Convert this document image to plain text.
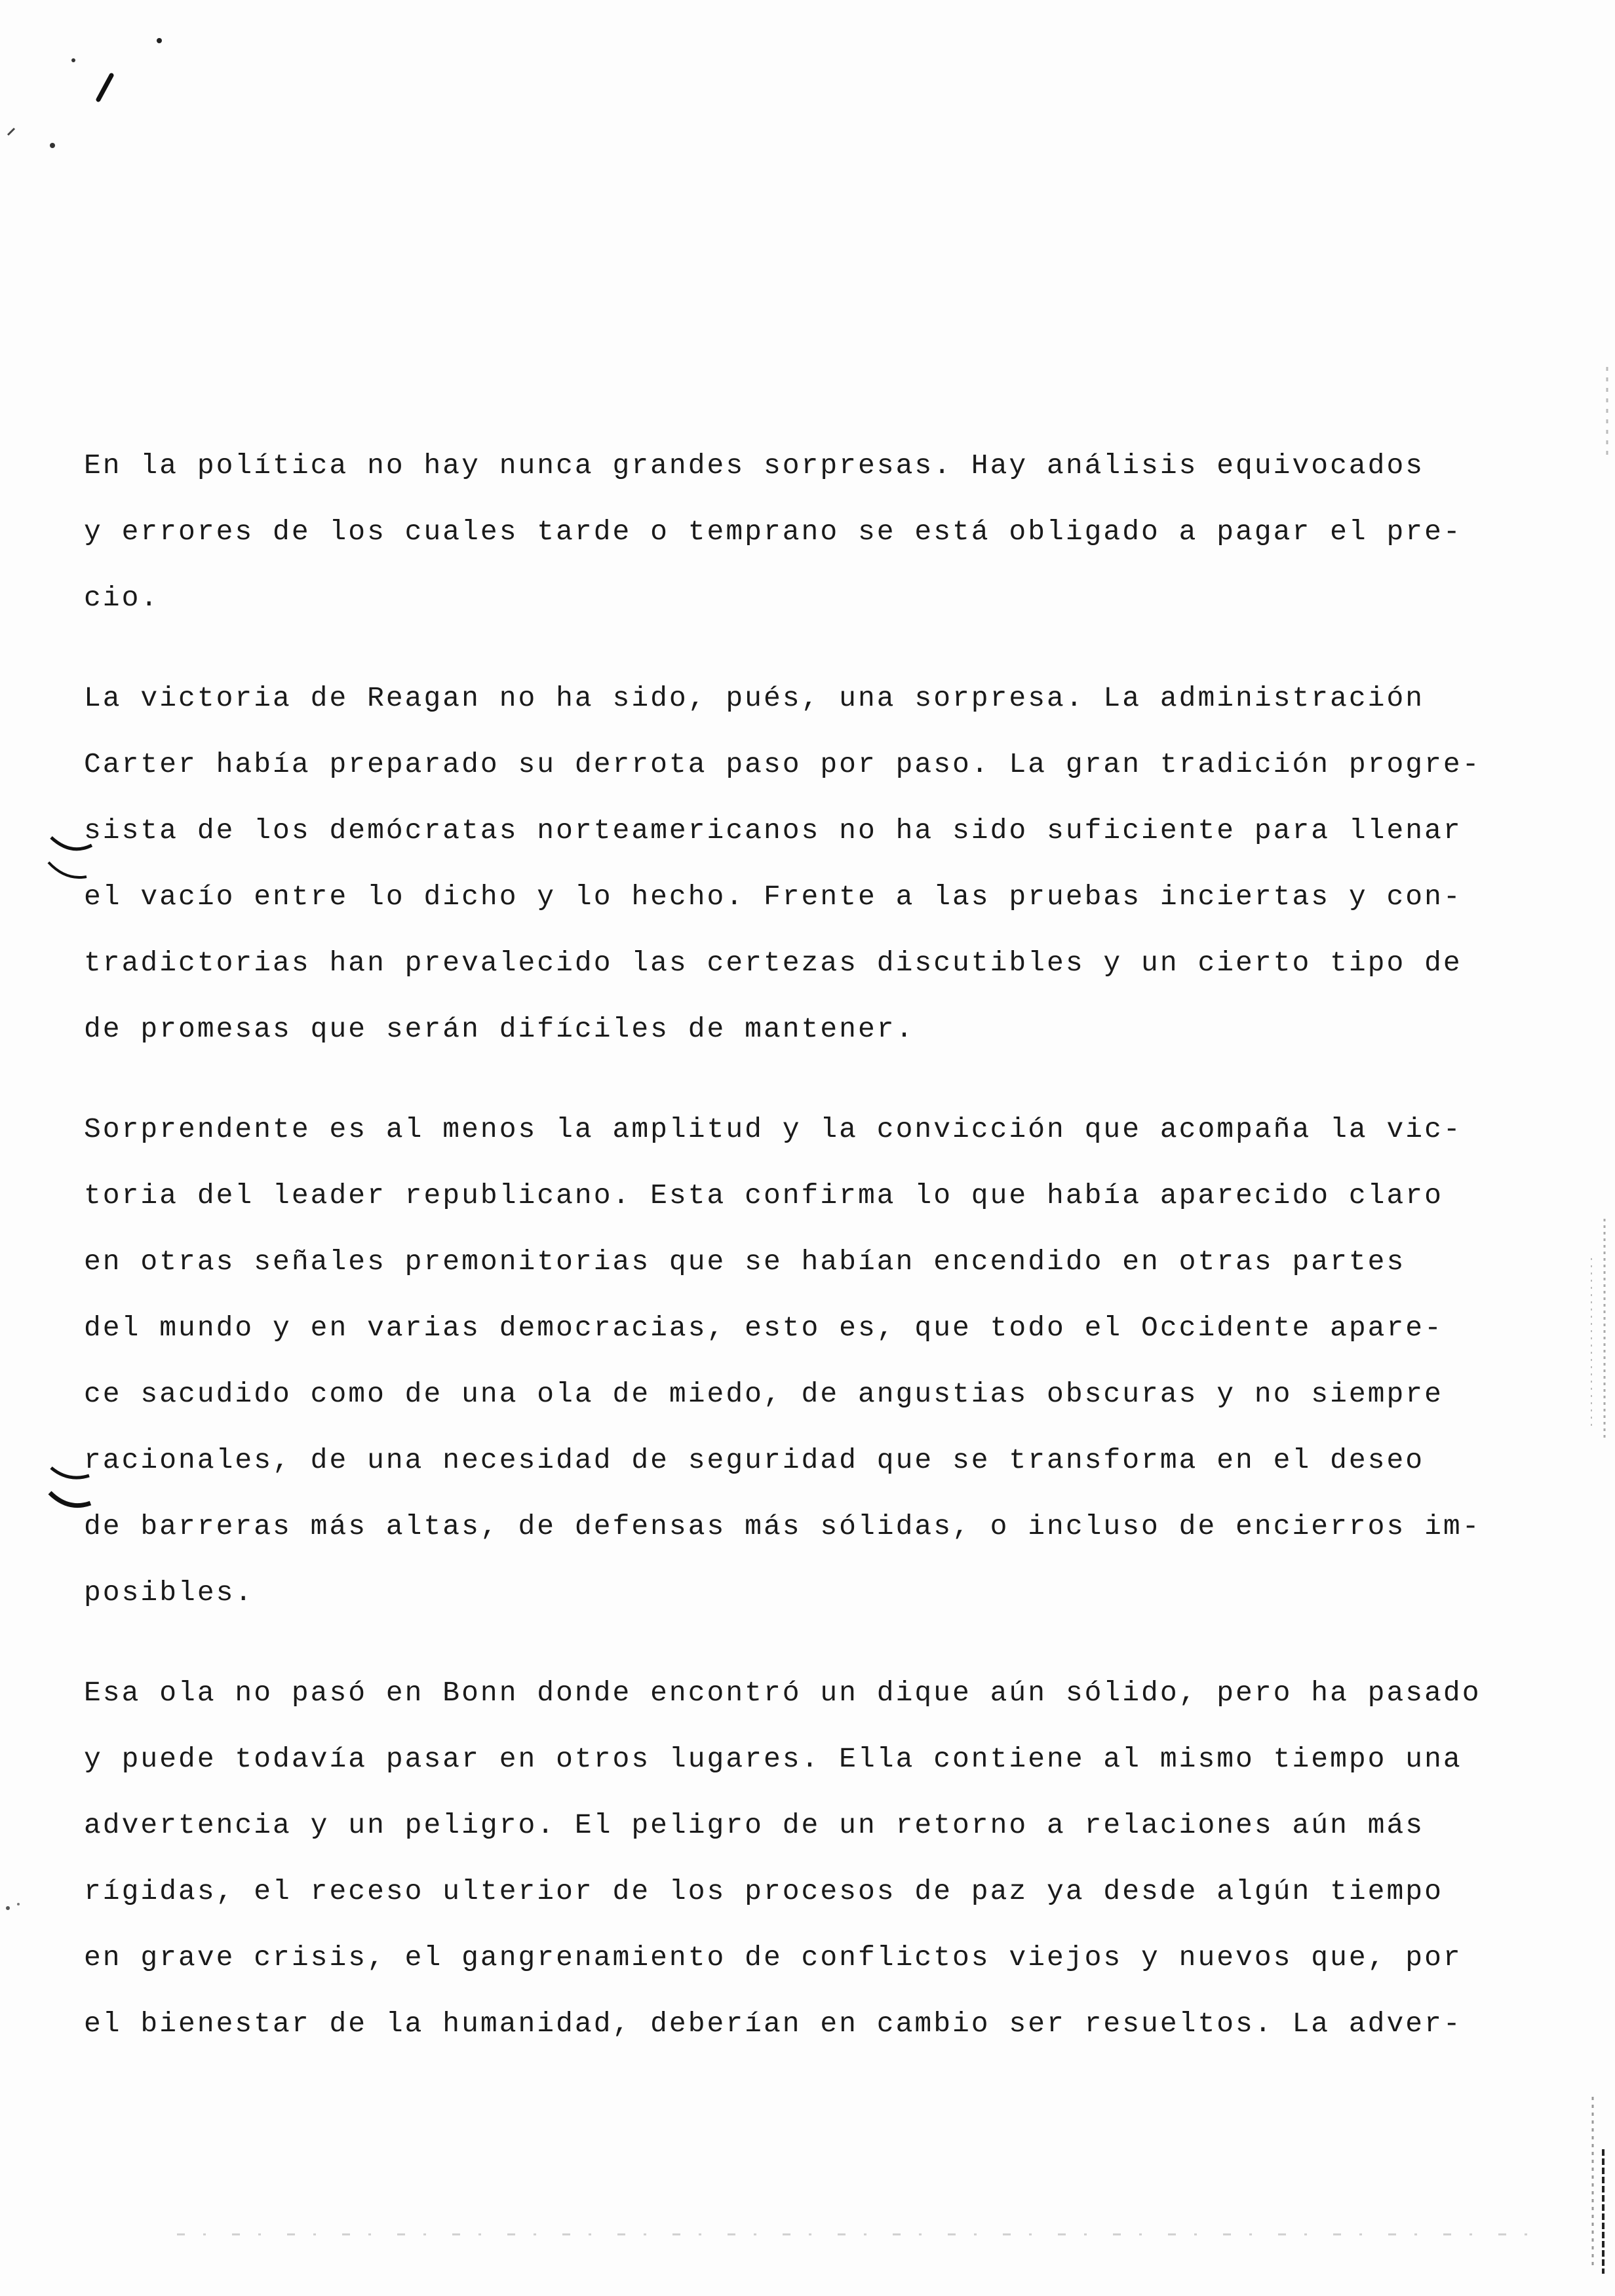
En la política no hay nunca grandes sorpresas. Hay análisis equivocados
y errores de los cuales tarde o temprano se está obligado a pagar el pre-
cio.
La victoria de Reagan no ha sido, pués, una sorpresa. La administración
Carter había preparado su derrota paso por paso. La gran tradición progre-
sista de los demócratas norteamericanos no ha sido suficiente para llenar
el vacío entre lo dicho y lo hecho. Frente a las pruebas inciertas y con-
tradictorias han prevalecido las certezas discutibles y un cierto tipo de
de promesas que serán difíciles de mantener.
Sorprendente es al menos la amplitud y la convicción que acompaña la vic-
toria del leader republicano. Esta confirma lo que había aparecido claro
en otras señales premonitorias que se habían encendido en otras partes
del mundo y en varias democracias, esto es, que todo el Occidente apare-
ce sacudido como de una ola de miedo, de angustias obscuras y no siempre
racionales, de una necesidad de seguridad que se transforma en el deseo
de barreras más altas, de defensas más sólidas, o incluso de encierros im-
posibles.
Esa ola no pasó en Bonn donde encontró un dique aún sólido, pero ha pasado
y puede todavía pasar en otros lugares. Ella contiene al mismo tiempo una
advertencia y un peligro. El peligro de un retorno a relaciones aún más
rígidas, el receso ulterior de los procesos de paz ya desde algún tiempo
en grave crisis, el gangrenamiento de conflictos viejos y nuevos que, por
el bienestar de la humanidad, deberían en cambio ser resueltos. La adver-
